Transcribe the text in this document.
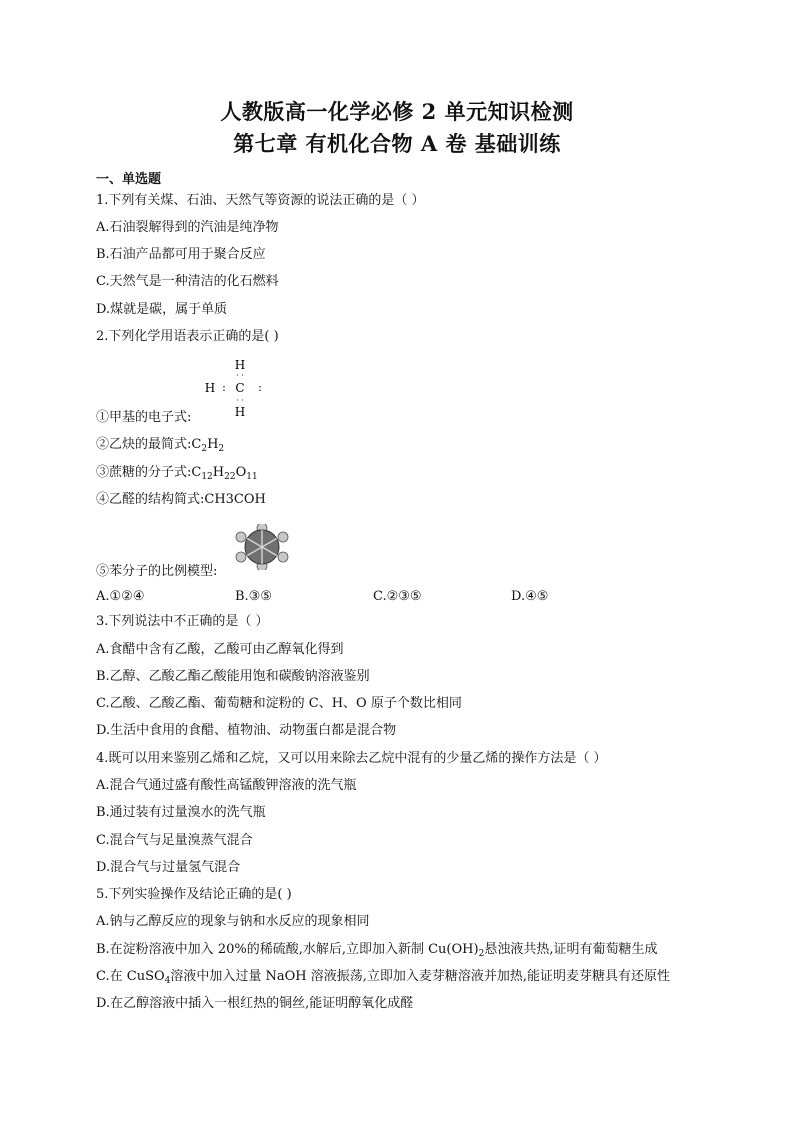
人教版高一化学必修 2 单元知识检测
第七章 有机化合物 A 卷 基础训练
一、单选题
1.下列有关煤、石油、天然气等资源的说法正确的是（ ）
A.石油裂解得到的汽油是纯净物
B.石油产品都可用于聚合反应
C.天然气是一种清洁的化石燃料
D.煤就是碳，属于单质
2.下列化学用语表示正确的是( )
H
· ·
H : C :
· ·
H
①甲基的电子式:
②乙炔的最简式$:C_2H_2$
③蔗糖的分子式$:C_{12}H_{22}O_{11}$
④乙醛的结构简式:CH3COH
⑤苯分子的比例模型:
A.①②④	B.③⑤	C.②③⑤	D.④⑤
3.下列说法中不正确的是（ ）
A.食醋中含有乙酸，乙酸可由乙醇氧化得到
B.乙醇、乙酸乙酯乙酸能用饱和碳酸钠溶液鉴别
C.乙酸、乙酸乙酯、葡萄糖和淀粉的 C、H、O 原子个数比相同
D.生活中食用的食醋、植物油、动物蛋白都是混合物
4.既可以用来鉴别乙烯和乙烷，又可以用来除去乙烷中混有的少量乙烯的操作方法是（ ）
A.混合气通过盛有酸性高锰酸钾溶液的洗气瓶
B.通过装有过量溴水的洗气瓶
C.混合气与足量溴蒸气混合
D.混合气与过量氢气混合
5.下列实验操作及结论正确的是( )
A.钠与乙醇反应的现象与钠和水反应的现象相同
B.在淀粉溶液中加入 20%的稀硫酸,水解后,立即加入新制 $Cu(OH)_2$悬浊液共热,证明有葡萄糖生成
C.在 CuSO$_4$溶液中加入过量 NaOH 溶液振荡,立即加入麦芽糖溶液并加热,能证明麦芽糖具有还原性
D.在乙醇溶液中插入一根红热的铜丝,能证明醇氧化成醛
